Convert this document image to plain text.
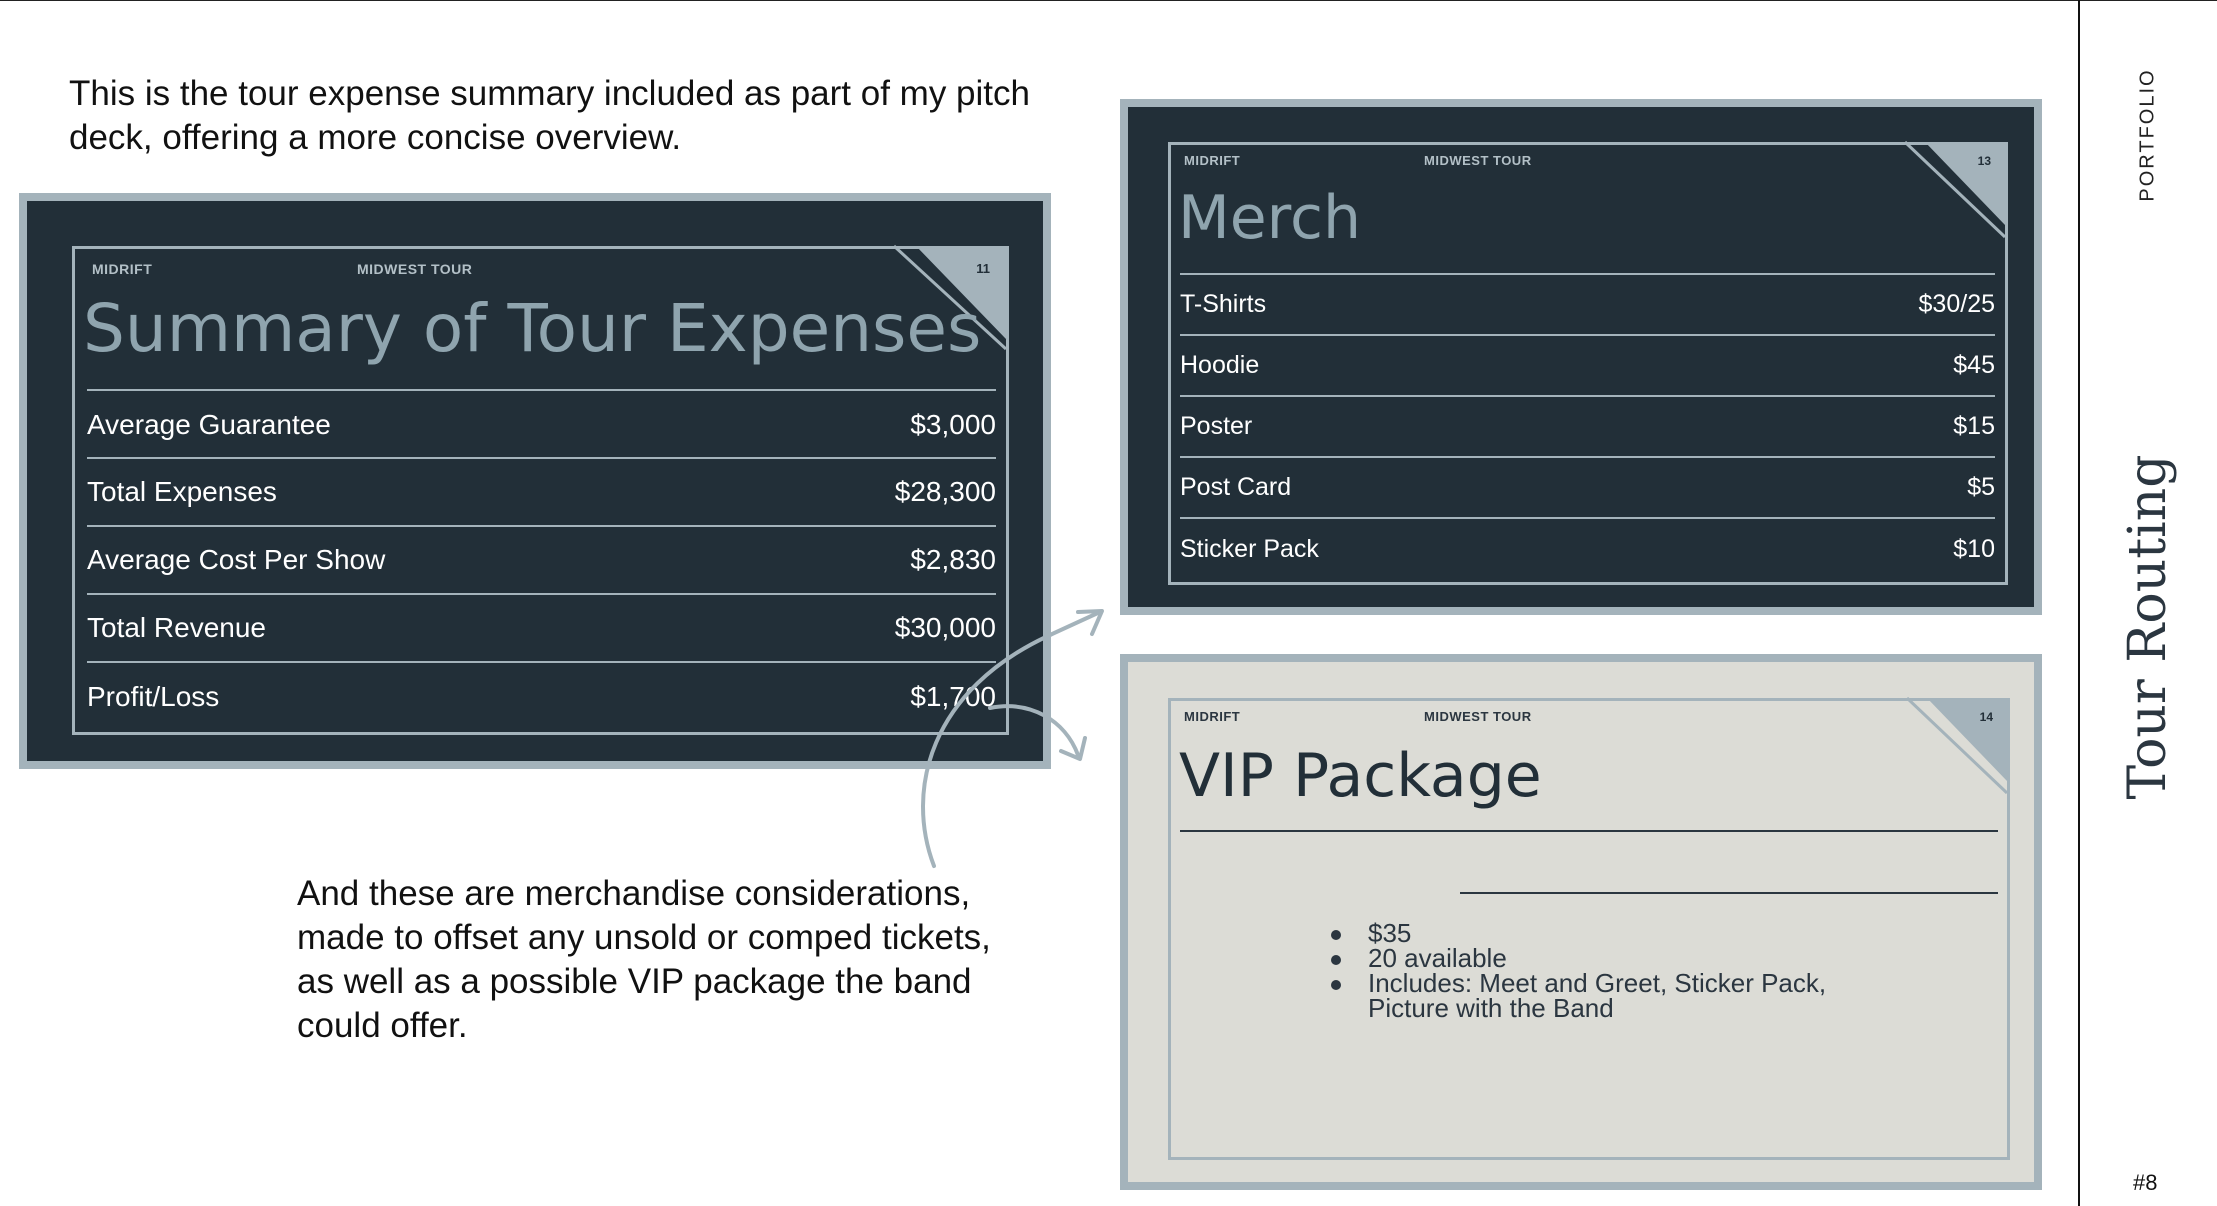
This is the tour expense summary included as part of my pitch deck, offering a more concise overview.

MIDRIFT	MIDWEST TOUR	11
Summary of Tour Expenses
Average Guarantee	$3,000
Total Expenses	$28,300
Average Cost Per Show	$2,830
Total Revenue	$30,000
Profit/Loss	$1,700
MIDRIFT	MIDWEST TOUR	13
Merch
T-Shirts	$30/25
Hoodie	$45
Poster	$15
Post Card	$5
Sticker Pack	$10
MIDRIFT	MIDWEST TOUR	14
VIP Package
$35
20 available
Includes: Meet and Greet, Sticker Pack, Picture with the Band

And these are merchandise considerations, made to offset any unsold or comped tickets, as well as a possible VIP package the band could offer.

PORTFOLIO
Tour Routing
#8
